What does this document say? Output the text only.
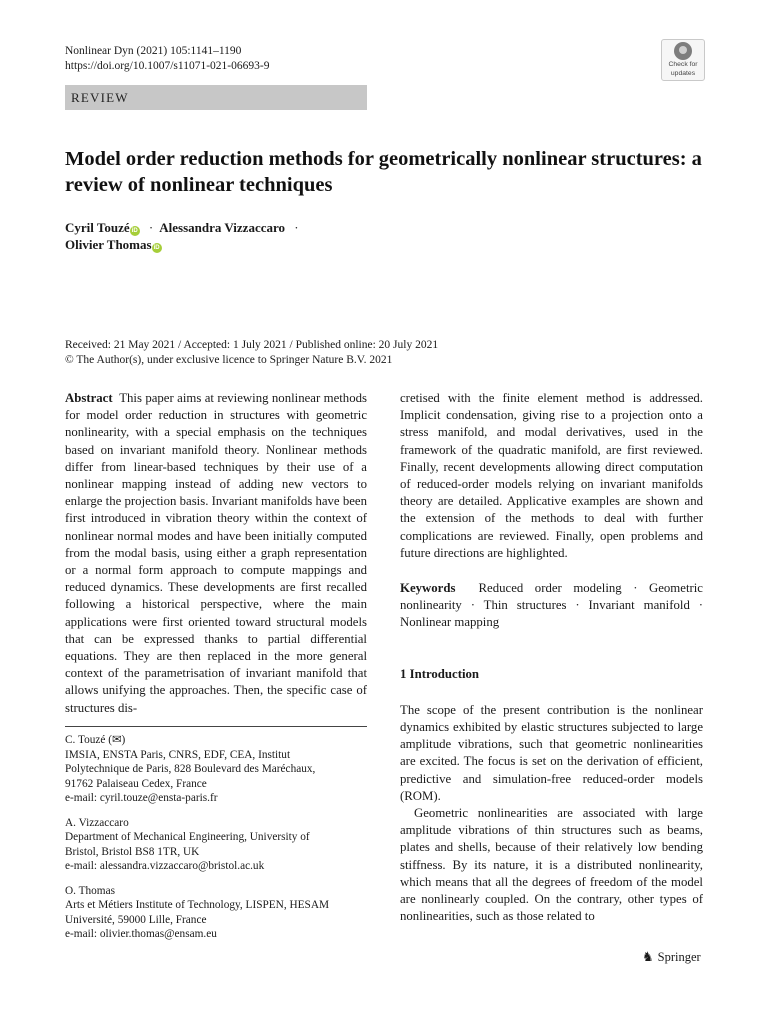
Nonlinear Dyn (2021) 105:1141–1190
https://doi.org/10.1007/s11071-021-06693-9	Check for
updates
REVIEW
Model order reduction methods for geometrically nonlinear structures: a review of nonlinear techniques
Cyril Touzé iD · Alessandra Vizzaccaro ·
Olivier Thomas iD
Received: 21 May 2021 / Accepted: 1 July 2021 / Published online: 20 July 2021
© The Author(s), under exclusive licence to Springer Nature B.V. 2021

Abstract This paper aims at reviewing nonlinear methods for model order reduction in structures with geometric nonlinearity, with a special emphasis on the techniques based on invariant manifold theory. Nonlinear methods differ from linear-based techniques by their use of a nonlinear mapping instead of adding new vectors to enlarge the projection basis. Invariant manifolds have been first introduced in vibration theory within the context of nonlinear normal modes and have been initially computed from the modal basis, using either a graph representation or a normal form approach to compute mappings and reduced dynamics. These developments are first recalled following a historical perspective, where the main applications were first oriented toward structural models that can be expressed thanks to partial differential equations. They are then replaced in the more general context of the parametrisation of invariant manifold that allows unifying the approaches. Then, the specific case of structures dis-

cretised with the finite element method is addressed. Implicit condensation, giving rise to a projection onto a stress manifold, and modal derivatives, used in the framework of the quadratic manifold, are first reviewed. Finally, recent developments allowing direct computation of reduced-order models relying on invariant manifolds theory are detailed. Applicative examples are shown and the extension of the methods to deal with further complications are reviewed. Finally, open problems and future directions are highlighted.

Keywords Reduced order modeling · Geometric nonlinearity · Thin structures · Invariant manifold · Nonlinear mapping

1 Introduction

The scope of the present contribution is the nonlinear dynamics exhibited by elastic structures subjected to large amplitude vibrations, such that geometric nonlinearities are excited. The focus is set on the derivation of efficient, predictive and simulation-free reduced-order models (ROM).

Geometric nonlinearities are associated with large amplitude vibrations of thin structures such as beams, plates and shells, because of their relatively low bending stiffness. By its nature, it is a distributed nonlinearity, which means that all the degrees of freedom of the model are nonlinearly coupled. On the contrary, other types of nonlinearities, such as those related to

C. Touzé (✉)
IMSIA, ENSTA Paris, CNRS, EDF, CEA, Institut
Polytechnique de Paris, 828 Boulevard des Maréchaux,
91762 Palaiseau Cedex, France
e-mail: cyril.touze@ensta-paris.fr
A. Vizzaccaro
Department of Mechanical Engineering, University of
Bristol, Bristol BS8 1TR, UK
e-mail: alessandra.vizzaccaro@bristol.ac.uk
O. Thomas
Arts et Métiers Institute of Technology, LISPEN, HESAM
Université, 59000 Lille, France
e-mail: olivier.thomas@ensam.eu
♞ Springer
